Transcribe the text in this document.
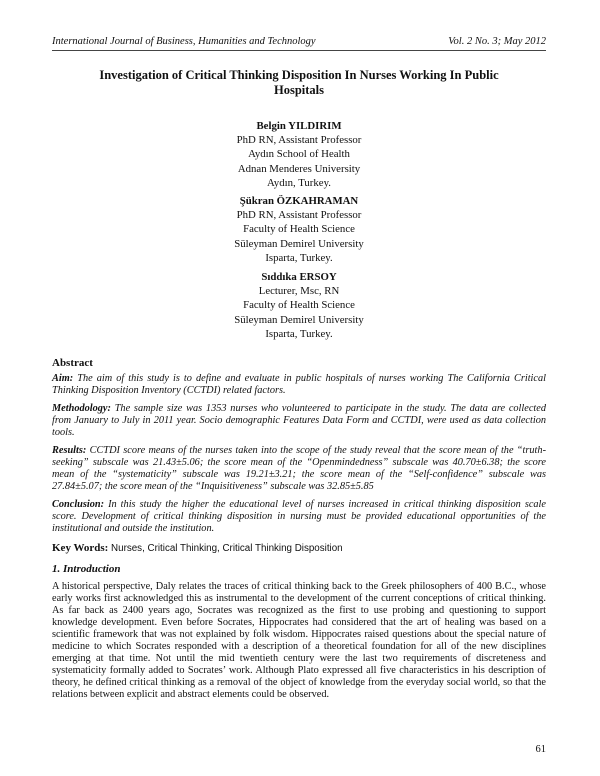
International Journal of Business, Humanities and Technology	Vol. 2 No. 3; May 2012
Investigation of Critical Thinking Disposition In Nurses Working In Public
Hospitals
Belgin YILDIRIM
PhD RN, Assistant Professor
Aydın School of Health
Adnan Menderes University
Aydın, Turkey.
Şükran ÖZKAHRAMAN
PhD RN, Assistant Professor
Faculty of Health Science
Süleyman Demirel University
Isparta, Turkey.
Sıddıka ERSOY
Lecturer, Msc, RN
Faculty of Health Science
Süleyman Demirel University
Isparta, Turkey.
Abstract

Aim: The aim of this study is to define and evaluate in public hospitals of nurses working The California Critical Thinking Disposition Inventory (CCTDI) related factors.

Methodology: The sample size was 1353 nurses who volunteered to participate in the study. The data are collected from January to July in 2011 year. Socio demographic Features Data Form and CCTDI, were used as data collection tools.

Results: CCTDI score means of the nurses taken into the scope of the study reveal that the score mean of the “truth-seeking” subscale was 21.43±5.06; the score mean of the “Openmindedness” subscale was 40.70±6.38; the score mean of the “systematicity” subscale was 19.21±3.21; the score mean of the “Self-confidence” subscale was 27.84±5.07; the score mean of the “Inquisitiveness” subscale was 32.85±5.85

Conclusion: In this study the higher the educational level of nurses increased in critical thinking disposition scale score. Development of critical thinking disposition in nursing must be provided educational opportunities of the institutional and outside the institution.

Key Words: Nurses, Critical Thinking, Critical Thinking Disposition

1. Introduction

A historical perspective, Daly relates the traces of critical thinking back to the Greek philosophers of 400 B.C., whose early works first acknowledged this as instrumental to the development of the current conceptions of critical thinking. As far back as 2400 years ago, Socrates was recognized as the first to use probing and questioning to support knowledge development. Even before Socrates, Hippocrates had considered that the art of healing was based on a scientific framework that was not explained by folk wisdom. Hippocrates raised questions about the special nature of medicine to which Socrates responded with a description of a theoretical foundation for all of the new disciplines emerging at that time. Not until the mid twentieth century were the last two requirements of discreteness and systematicity formally added to Socrates’ work. Although Plato expressed all five characteristics in his description of theory, he defined critical thinking as a removal of the object of knowledge from the everyday social world, so that the relations between explicit and abstract elements could be observed.

61
